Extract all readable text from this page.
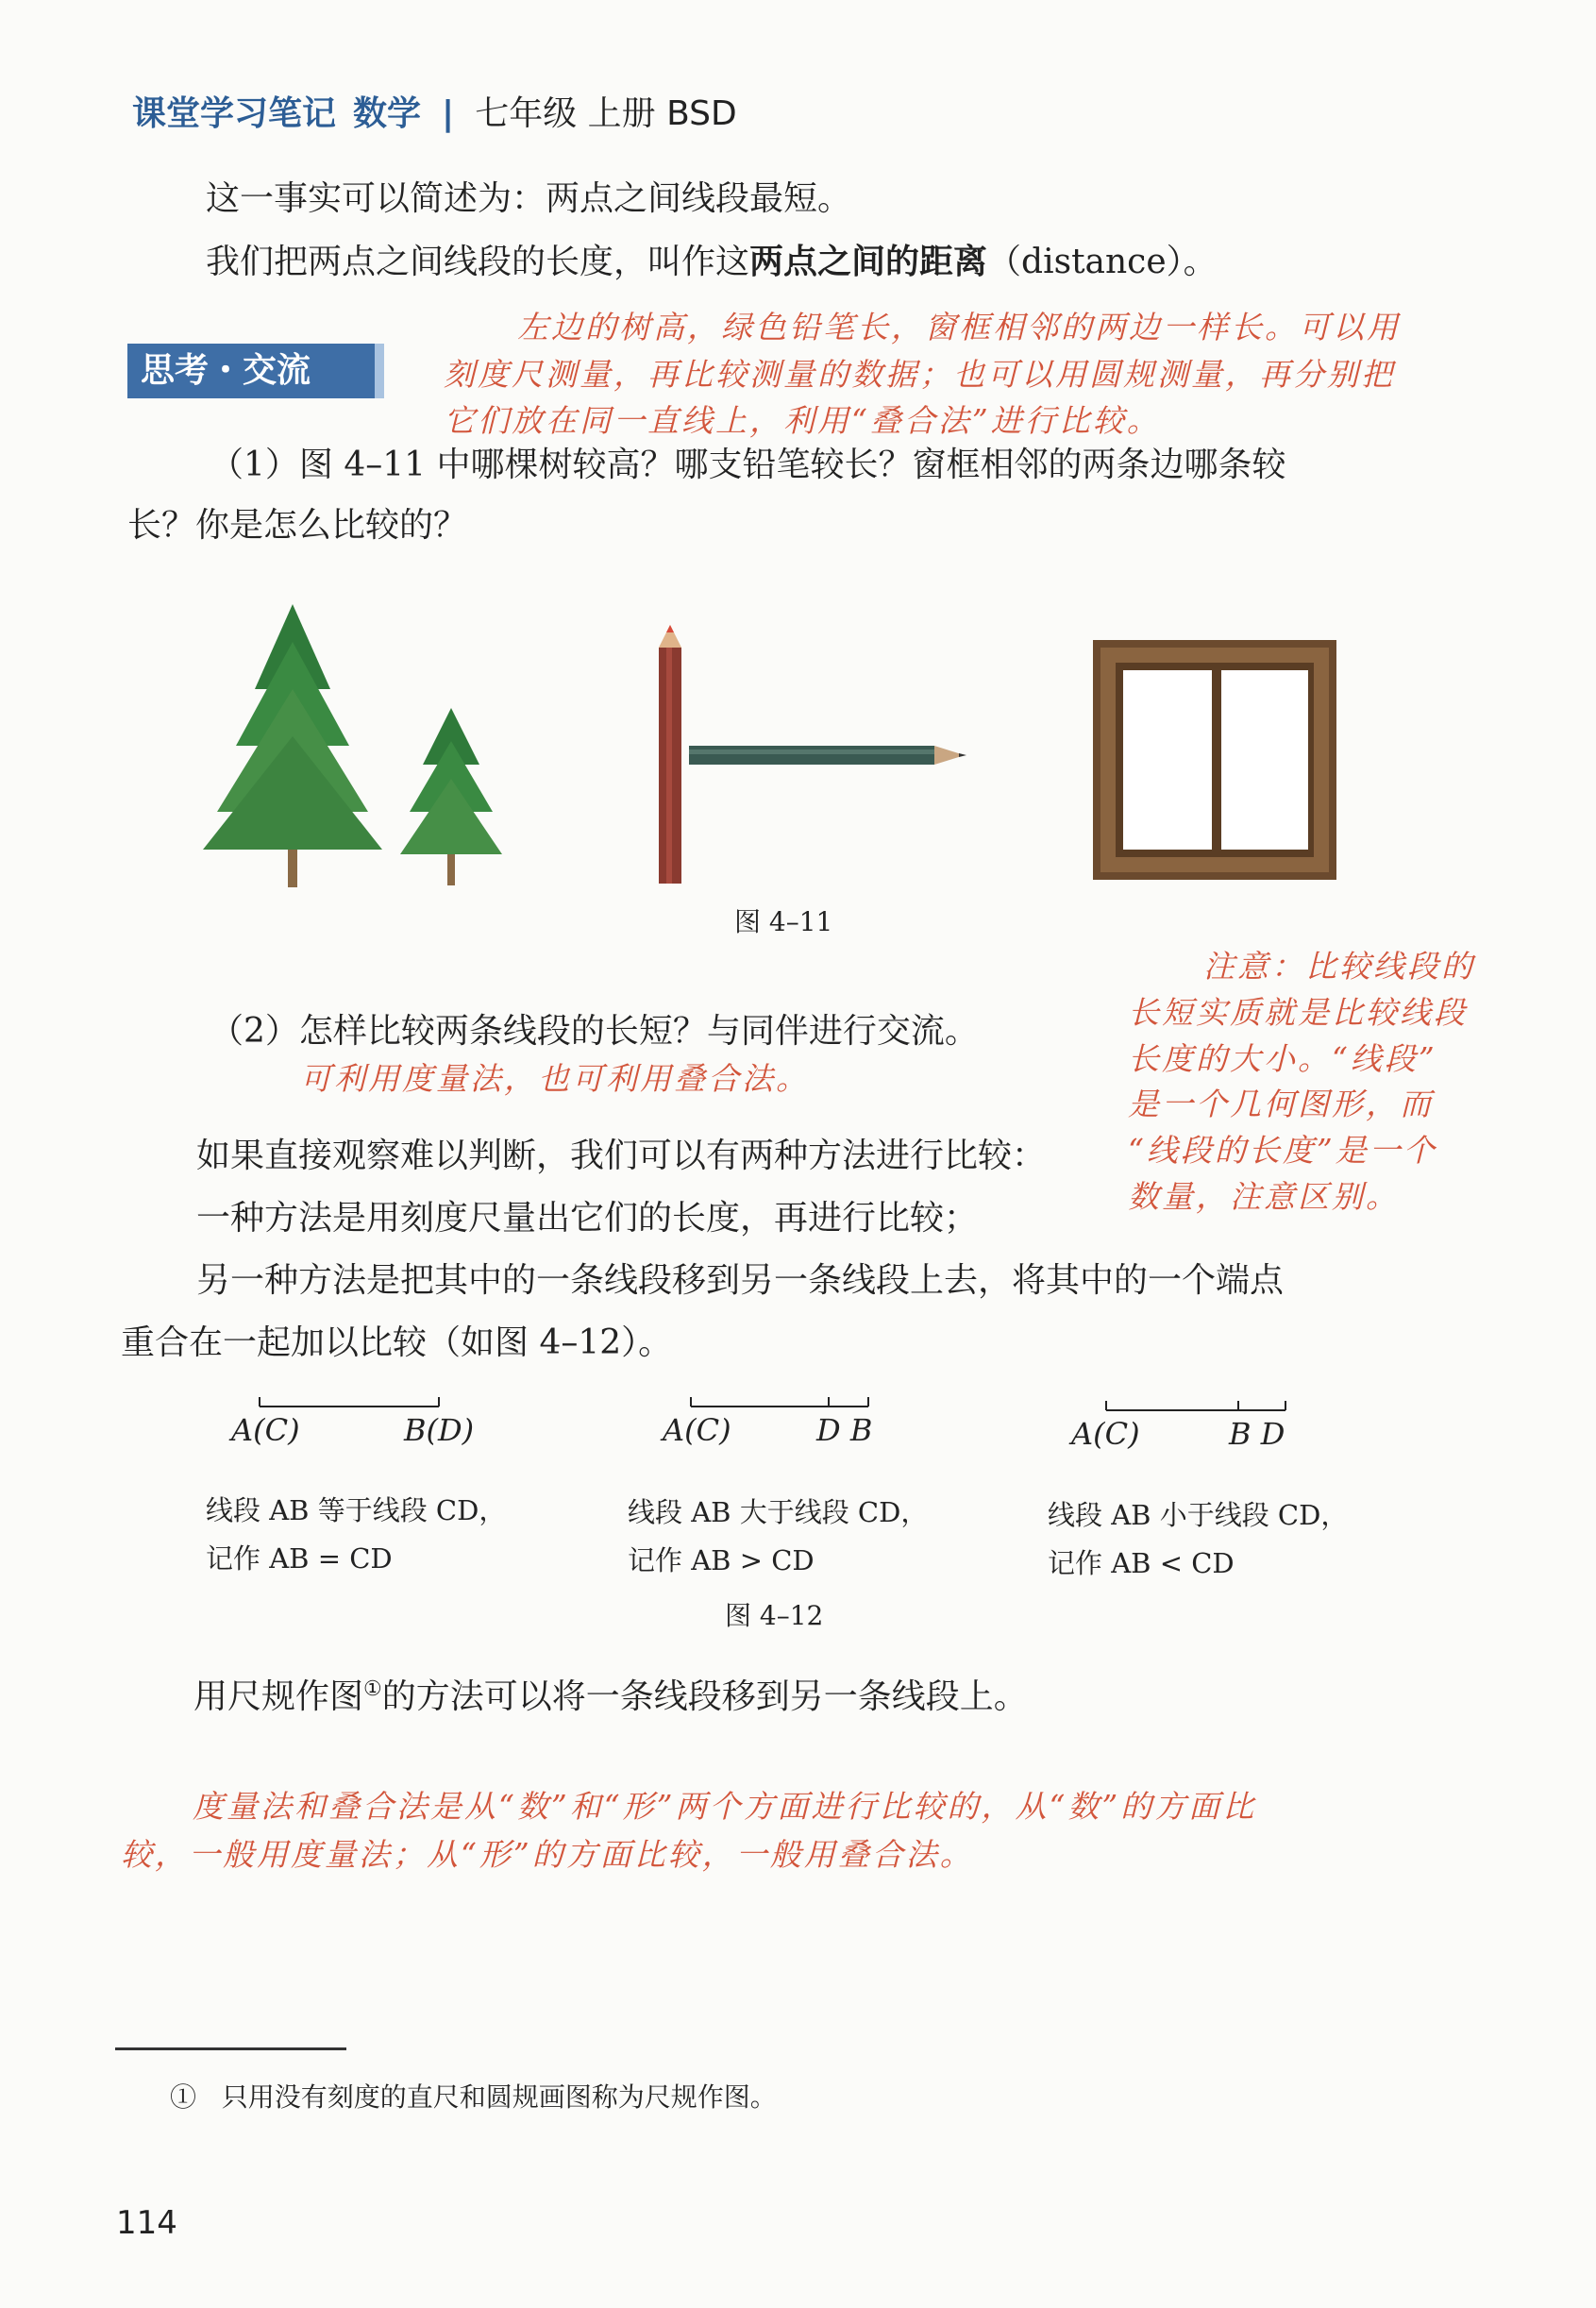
课堂学习笔记 数学 | 七年级 上册 BSD
这一事实可以简述为：两点之间线段最短。
我们把两点之间线段的长度，叫作这两点之间的距离（distance）。
左边的树高，绿色铅笔长，窗框相邻的两边一样长。可以用
刻度尺测量，再比较测量的数据；也可以用圆规测量，再分别把
它们放在同一直线上，利用“叠合法”进行比较。
思考・交流
（1）图 4–11 中哪棵树较高？哪支铅笔较长？窗框相邻的两条边哪条较
长？你是怎么比较的？
图 4–11
注意：比较线段的
长短实质就是比较线段
长度的大小。“线段”
是一个几何图形，而
“线段的长度”是一个
数量，注意区别。
（2）怎样比较两条线段的长短？与同伴进行交流。
可利用度量法，也可利用叠合法。
如果直接观察难以判断，我们可以有两种方法进行比较：
一种方法是用刻度尺量出它们的长度，再进行比较；
另一种方法是把其中的一条线段移到另一条线段上去，将其中的一个端点
重合在一起加以比较（如图 4–12）。
A(C)	B(D)
线段 AB 等于线段 CD，
记作 AB = CD
A(C)	D B
线段 AB 大于线段 CD，
记作 AB > CD
A(C)	B D
线段 AB 小于线段 CD，
记作 AB < CD
图 4–12
用尺规作图①的方法可以将一条线段移到另一条线段上。
度量法和叠合法是从“数”和“形”两个方面进行比较的，从“数”的方面比
较，一般用度量法；从“形”的方面比较，一般用叠合法。
① 只用没有刻度的直尺和圆规画图称为尺规作图。
114
